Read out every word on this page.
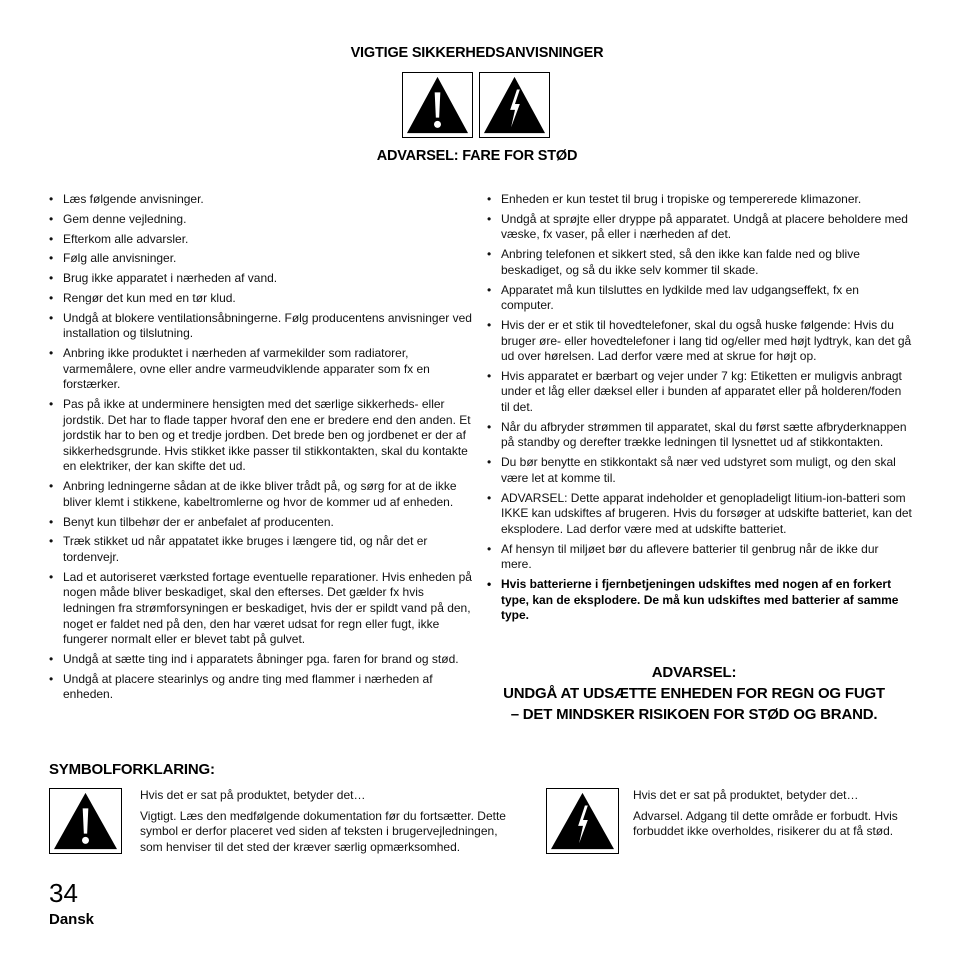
VIGTIGE SIKKERHEDSANVISNINGER
ADVARSEL: FARE FOR STØD
• Læs følgende anvisninger.
• Gem denne vejledning.
• Efterkom alle advarsler.
• Følg alle anvisninger.
• Brug ikke apparatet i nærheden af vand.
• Rengør det kun med en tør klud.
• Undgå at blokere ventilationsåbningerne. Følg producentens anvisninger ved installation og tilslutning.
• Anbring ikke produktet i nærheden af varmekilder som radiatorer, varmemålere, ovne eller andre varmeudviklende apparater som fx en forstærker.
• Pas på ikke at underminere hensigten med det særlige sikkerheds- eller jordstik. Det har to flade tapper hvoraf den ene er bredere end den anden. Et jordstik har to ben og et tredje jordben. Det brede ben og jordbenet er der af sikkerhedsgrunde. Hvis stikket ikke passer til stikkontakten, skal du kontakte en elektriker, der kan skifte det ud.
• Anbring ledningerne sådan at de ikke bliver trådt på, og sørg for at de ikke bliver klemt i stikkene, kabeltromlerne og hvor de kommer ud af enheden.
• Benyt kun tilbehør der er anbefalet af producenten.
• Træk stikket ud når appatatet ikke bruges i længere tid, og når det er tordenvejr.
• Lad et autoriseret værksted fortage eventuelle reparationer. Hvis enheden på nogen måde bliver beskadiget, skal den efterses. Det gælder fx hvis ledningen fra strømforsyningen er beskadiget, hvis der er spildt vand på den, noget er faldet ned på den, den har været udsat for regn eller fugt, ikke fungerer normalt eller er blevet tabt på gulvet.
• Undgå at sætte ting ind i apparatets åbninger pga. faren for brand og stød.
• Undgå at placere stearinlys og andre ting med flammer i nærheden af enheden.
• Enheden er kun testet til brug i tropiske og tempererede klimazoner.
• Undgå at sprøjte eller dryppe på apparatet. Undgå at placere beholdere med væske, fx vaser, på eller i nærheden af det.
• Anbring telefonen et sikkert sted, så den ikke kan falde ned og blive beskadiget, og så du ikke selv kommer til skade.
• Apparatet må kun tilsluttes en lydkilde med lav udgangseffekt, fx en computer.
• Hvis der er et stik til hovedtelefoner, skal du også huske følgende: Hvis du bruger øre- eller hovedtelefoner i lang tid og/eller med højt lydtryk, kan det gå ud over hørelsen. Lad derfor være med at skrue for højt op.
• Hvis apparatet er bærbart og vejer under 7 kg: Etiketten er muligvis anbragt under et låg eller dæksel eller i bunden af apparatet eller på holderen/foden til det.
• Når du afbryder strømmen til apparatet, skal du først sætte afbryderknappen på standby og derefter trække ledningen til lysnettet ud af stikkontakten.
• Du bør benytte en stikkontakt så nær ved udstyret som muligt, og den skal være let at komme til.
• ADVARSEL: Dette apparat indeholder et genopladeligt litium-ion-batteri som IKKE kan udskiftes af brugeren. Hvis du forsøger at udskifte batteriet, kan det eksplodere. Lad derfor være med at udskifte batteriet.
• Af hensyn til miljøet bør du aflevere batterier til genbrug når de ikke dur mere.
• Hvis batterierne i fjernbetjeningen udskiftes med nogen af en forkert type, kan de eksplodere. De må kun udskiftes med batterier af samme type.
ADVARSEL:
UNDGÅ AT UDSÆTTE ENHEDEN FOR REGN OG FUGT
– DET MINDSKER RISIKOEN FOR STØD OG BRAND.
SYMBOLFORKLARING:

Hvis det er sat på produktet, betyder det…

Vigtigt. Læs den medfølgende dokumentation før du fortsætter. Dette symbol er derfor placeret ved siden af teksten i brugervejledningen, som henviser til det sted der kræver særlig opmærksomhed.

Hvis det er sat på produktet, betyder det…

Advarsel. Adgang til dette område er forbudt. Hvis forbuddet ikke overholdes, risikerer du at få stød.

34
Dansk
